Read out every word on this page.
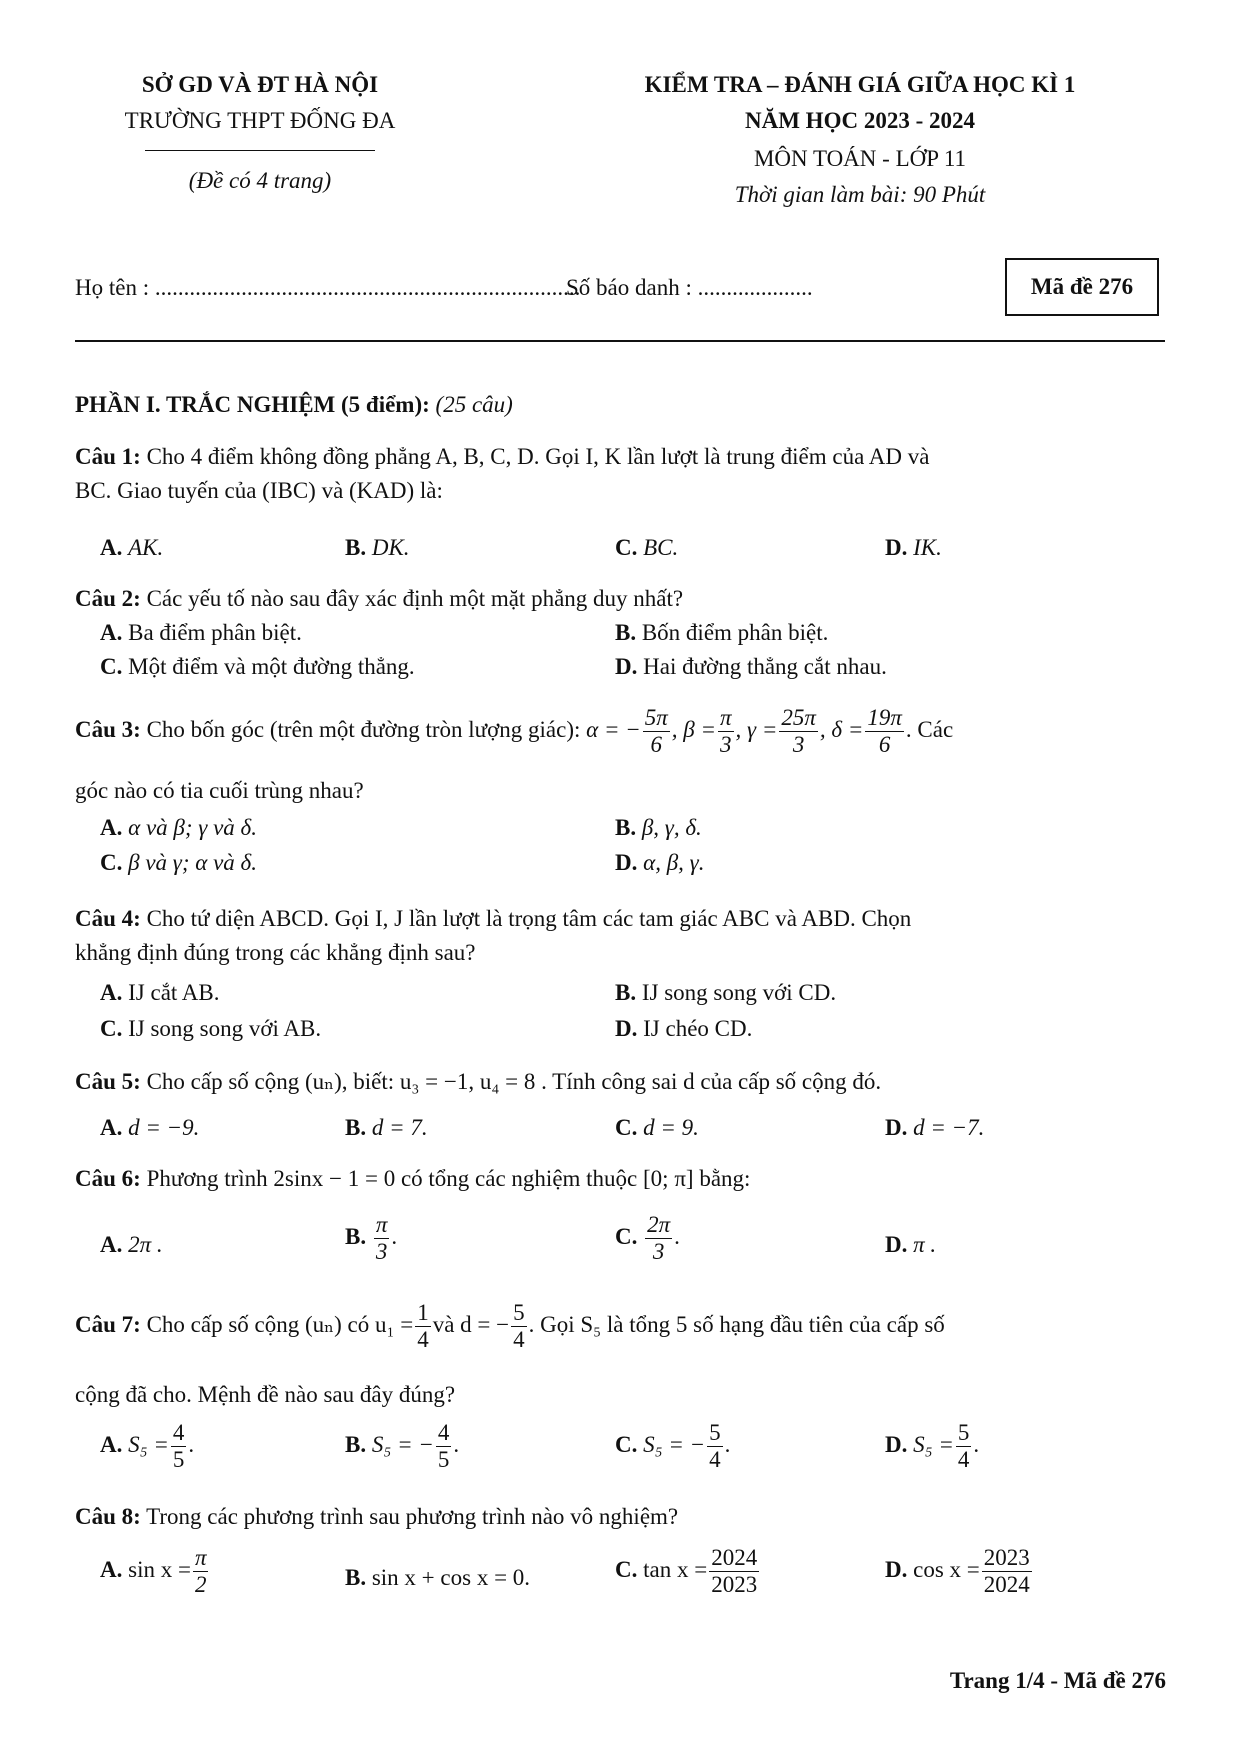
SỞ GD VÀ ĐT HÀ NỘI
TRƯỜNG THPT ĐỐNG ĐA
(Đề có 4 trang)
KIỂM TRA – ĐÁNH GIÁ GIỮA HỌC KÌ 1
NĂM HỌC 2023 - 2024
MÔN TOÁN - LỚP 11
Thời gian làm bài: 90 Phút
Họ tên : ..........................................................................
Số báo danh : ....................	Mã đề 276
PHẦN I. TRẮC NGHIỆM (5 điểm): (25 câu)
Câu 1: Cho 4 điểm không đồng phẳng A, B, C, D. Gọi I, K lần lượt là trung điểm của AD và
BC. Giao tuyến của (IBC) và (KAD) là:
A. AK.	B. DK.	C. BC.	D. IK.
Câu 2: Các yếu tố nào sau đây xác định một mặt phẳng duy nhất?
A. Ba điểm phân biệt.	B. Bốn điểm phân biệt.
C. Một điểm và một đường thẳng.	D. Hai đường thẳng cắt nhau.
Câu 3: Cho bốn góc (trên một đường tròn lượng giác): α = − $\frac{5\pi}{6}$ , $\beta = \frac{\pi}{3}$ , $\gamma = \frac{25\pi}{3}$ , $\delta = \frac{19\pi}{6}$ . Các
góc nào có tia cuối trùng nhau?
A. α và β; γ và δ.	B. β, γ, δ.
C. β và γ; α và δ.	D. α, β, γ.
Câu 4: Cho tứ diện ABCD. Gọi I, J lần lượt là trọng tâm các tam giác ABC và ABD. Chọn
khẳng định đúng trong các khẳng định sau?
A. IJ cắt AB.	B. IJ song song với CD.
C. IJ song song với AB.	D. IJ chéo CD.
Câu 5: Cho cấp số cộng (uₙ), biết: u₃ = −1, u₄ = 8 . Tính công sai d của cấp số cộng đó.
A. d = −9.	B. d = 7.	C. d = 9.	D. d = −7.
Câu 6: Phương trình 2sinx − 1 = 0 có tổng các nghiệm thuộc [0; π] bằng:
A. 2π .	B. $\frac{\pi}{3}$ .	C. $\frac{2\pi}{3}$ .	D. π .
Câu 7: Cho cấp số cộng (uₙ) có $u_1 = \frac{1}{4}$ và d = − $\frac{5}{4}$ . Gọi S₅ là tổng 5 số hạng đầu tiên của cấp số
cộng đã cho. Mệnh đề nào sau đây đúng?
A. $S_5 = \frac{4}{5}$ .	B. S₅ = − $\frac{4}{5}$ .	C. S₅ = − $\frac{5}{4}$ .	D. $S_5 = \frac{5}{4}$ .
Câu 8: Trong các phương trình sau phương trình nào vô nghiệm?
A. $\sin x = \frac{\pi}{2}$	B. sin x + cos x = 0.	C. $\tan x = \frac{2024}{2023}$	D. $\cos x = \frac{2023}{2024}$
Trang 1/4 - Mã đề 276
